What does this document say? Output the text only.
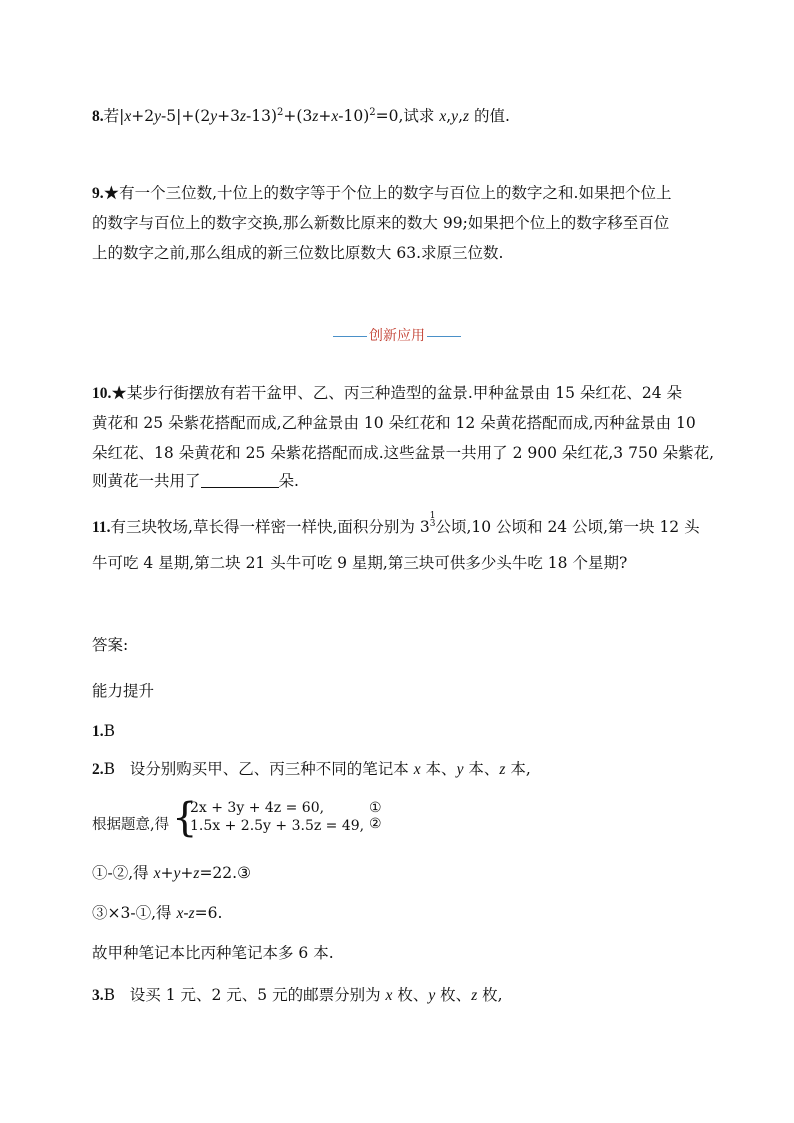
8.若$|x+2y-5|+(2y+3z-13)^2+(3z+x-10)^2=0$,试求 x,y,z 的值.
9.★有一个三位数,十位上的数字等于个位上的数字与百位上的数字之和.如果把个位上
的数字与百位上的数字交换,那么新数比原来的数大 99;如果把个位上的数字移至百位
上的数字之前,那么组成的新三位数比原数大 63.求原三位数.
创新应用
10.★某步行街摆放有若干盆甲、乙、丙三种造型的盆景.甲种盆景由 15 朵红花、24 朵
黄花和 25 朵紫花搭配而成,乙种盆景由 10 朵红花和 12 朵黄花搭配而成,丙种盆景由 10
朵红花、18 朵黄花和 25 朵紫花搭配而成.这些盆景一共用了 2 900 朵红花,3 750 朵紫花,
则黄花一共用了	朵.
11.有三块牧场,草长得一样密一样快,面积分别为 31
3公顷,10 公顷和 24 公顷,第一块 12 头
牛可吃 4 星期,第二块 21 头牛可吃 9 星期,第三块可供多少头牛吃 18 个星期?
答案:
能力提升
1.B
2.B 设分别购买甲、乙、丙三种不同的笔记本 x 本、y 本、z 本,
根据题意,得 {
2x + 3y + 4z = 60,
1.5x + 2.5y + 3.5z = 49,
①
②
①-②,得 x+y+z=22.③
③×3-①,得 x-z=6.
故甲种笔记本比丙种笔记本多 6 本.
3.B 设买 1 元、2 元、5 元的邮票分别为 x 枚、y 枚、z 枚,
